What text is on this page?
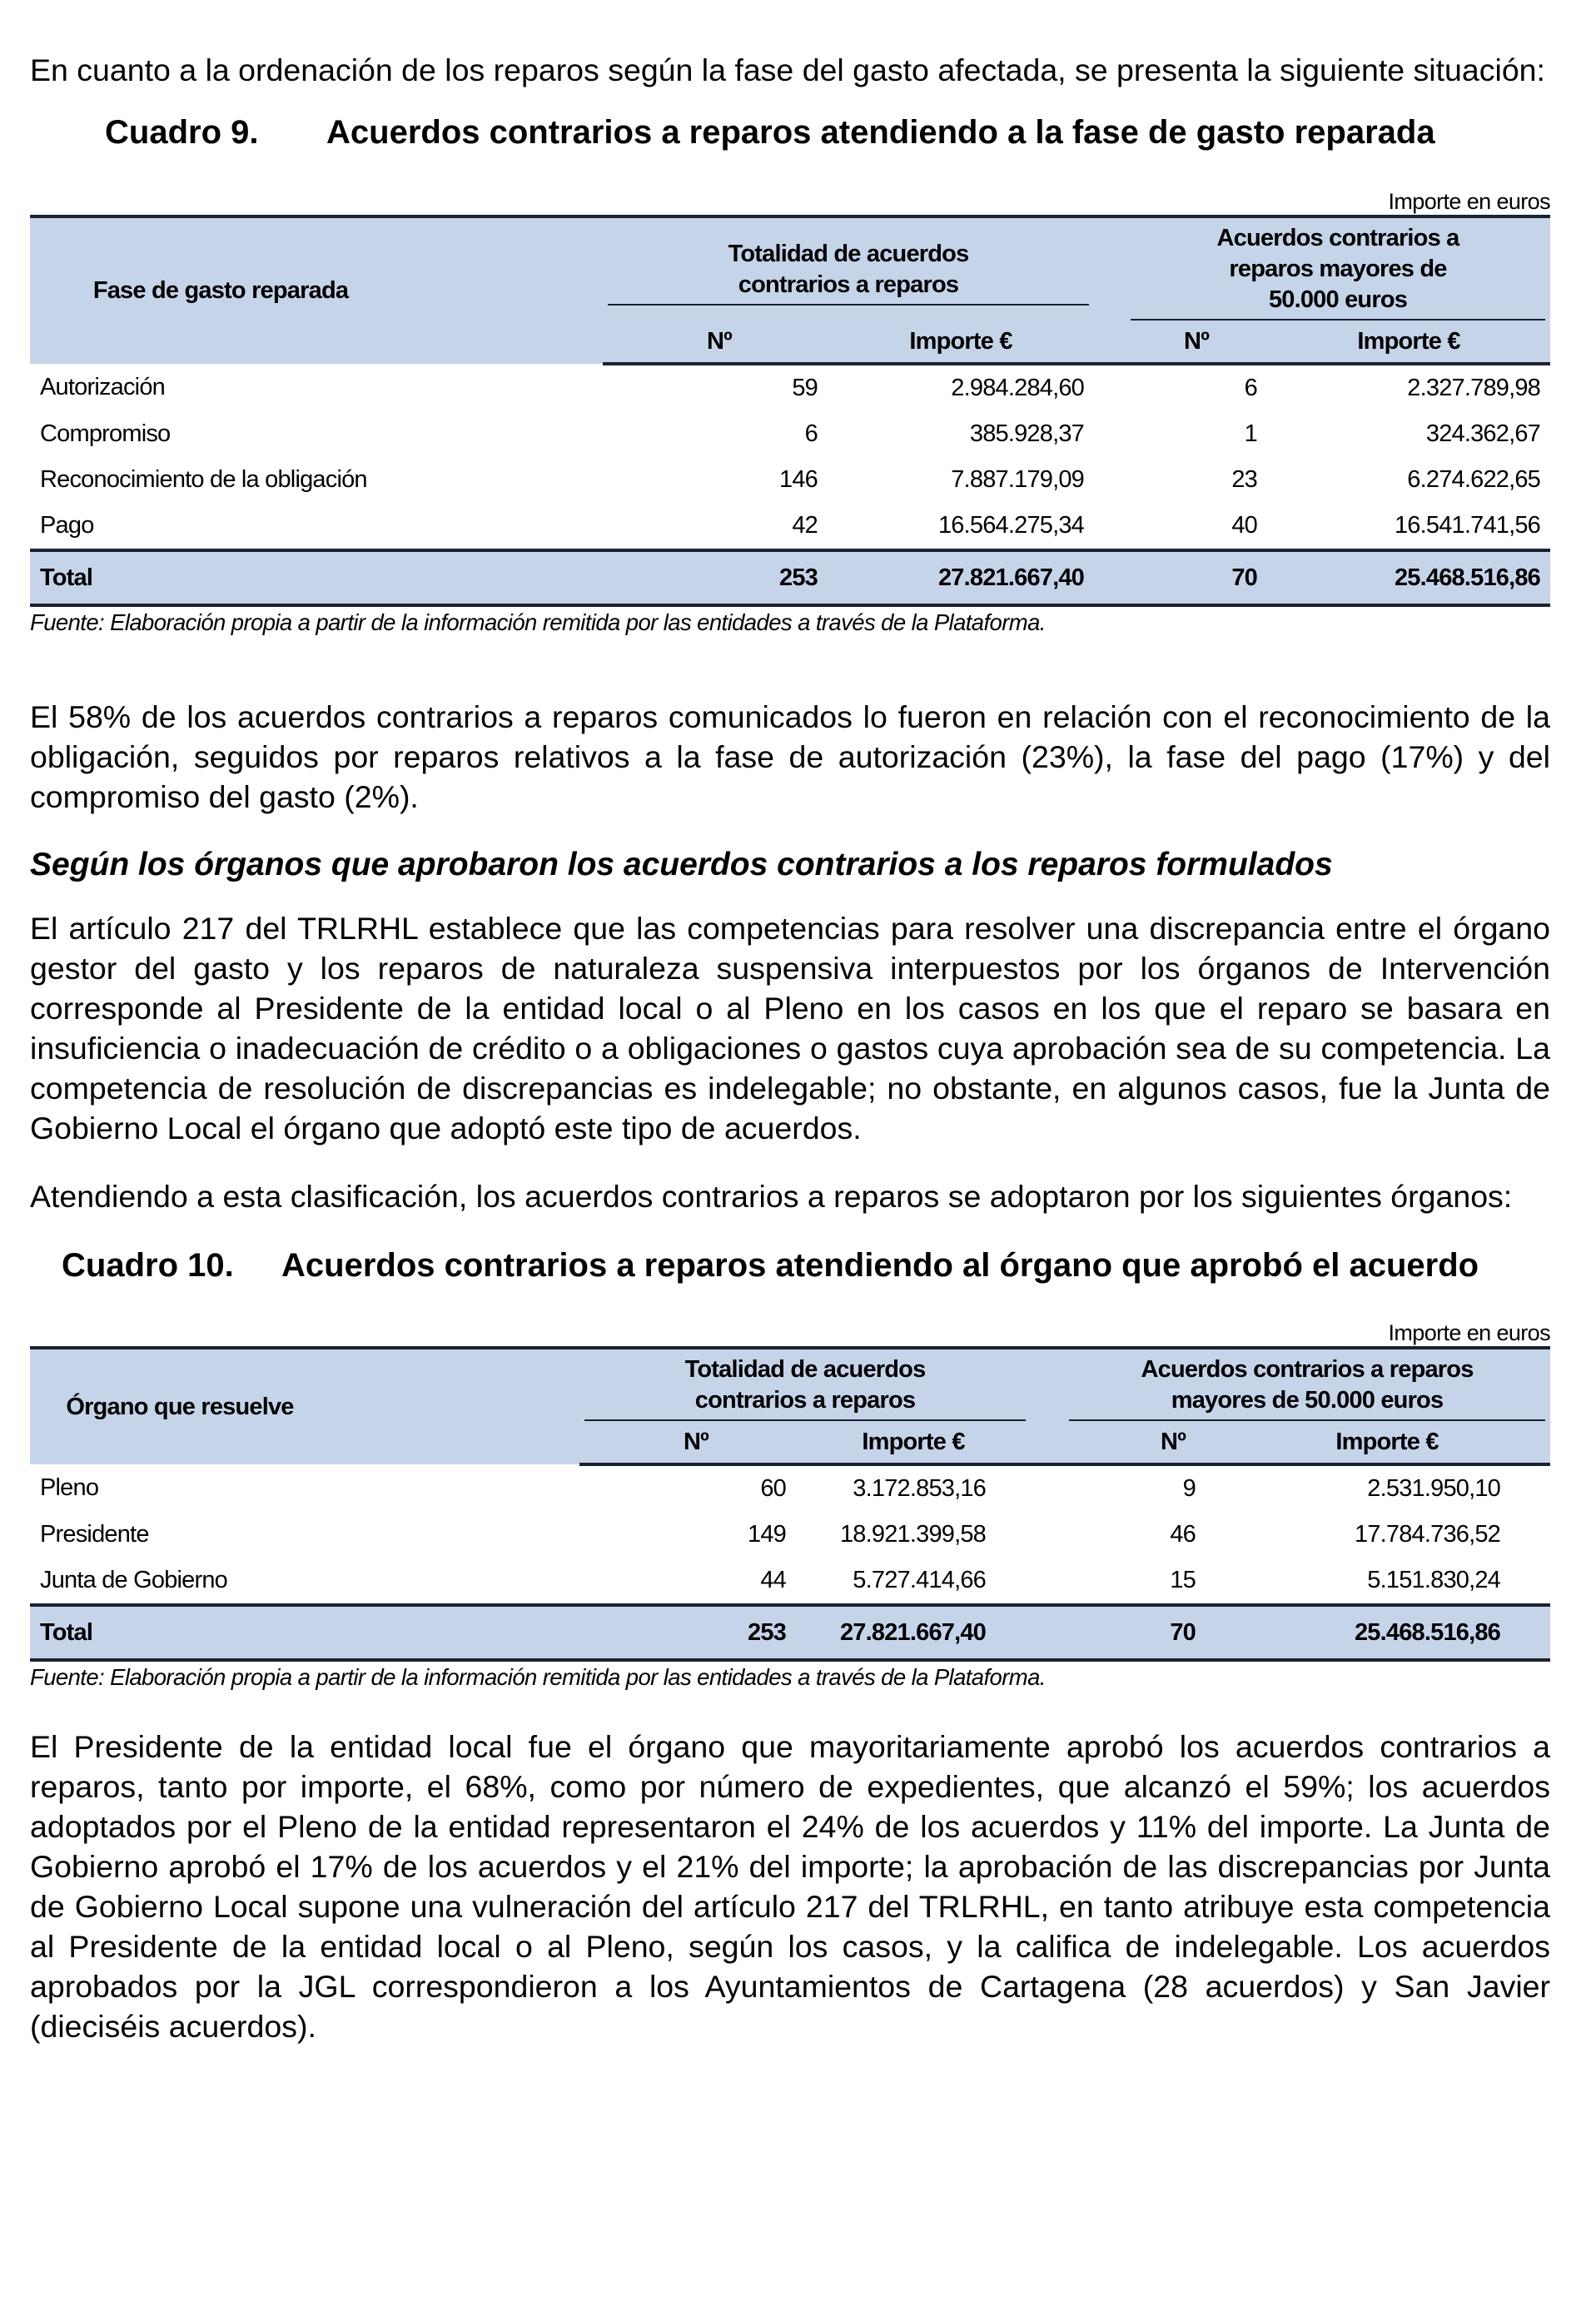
En cuanto a la ordenación de los reparos según la fase del gasto afectada, se presenta la siguiente situación:

Cuadro 9. Acuerdos contrarios a reparos atendiendo a la fase de gasto reparada
Importe en euros
Fase de gasto reparada	Totalidad de acuerdos contrarios a reparos			Acuerdos contrarios a reparos mayores de 50.000 euros	

	Nº	Importe €		Nº	Importe €
Autorización	59	2.984.284,60		6	2.327.789,98
Compromiso	6	385.928,37		1	324.362,67
Reconocimiento de la obligación	146	7.887.179,09		23	6.274.622,65
Pago	42	16.564.275,34		40	16.541.741,56
Total	253	27.821.667,40		70	25.468.516,86
Fuente: Elaboración propia a partir de la información remitida por las entidades a través de la Plataforma.

El 58% de los acuerdos contrarios a reparos comunicados lo fueron en relación con el reconocimiento de la obligación, seguidos por reparos relativos a la fase de autorización (23%), la fase del pago (17%) y del compromiso del gasto (2%).

Según los órganos que aprobaron los acuerdos contrarios a los reparos formulados

El artículo 217 del TRLRHL establece que las competencias para resolver una discrepancia entre el órgano gestor del gasto y los reparos de naturaleza suspensiva interpuestos por los órganos de Intervención corresponde al Presidente de la entidad local o al Pleno en los casos en los que el reparo se basara en insuficiencia o inadecuación de crédito o a obligaciones o gastos cuya aprobación sea de su competencia. La competencia de resolución de discrepancias es indelegable; no obstante, en algunos casos, fue la Junta de Gobierno Local el órgano que adoptó este tipo de acuerdos.

Atendiendo a esta clasificación, los acuerdos contrarios a reparos se adoptaron por los siguientes órganos:

Cuadro 10. Acuerdos contrarios a reparos atendiendo al órgano que aprobó el acuerdo
Importe en euros
Órgano que resuelve	Totalidad de acuerdos contrarios a reparos			Acuerdos contrarios a reparos mayores de 50.000 euros	

	Nº	Importe €		Nº	Importe €
Pleno	60	3.172.853,16		9	2.531.950,10
Presidente	149	18.921.399,58		46	17.784.736,52
Junta de Gobierno	44	5.727.414,66		15	5.151.830,24
Total	253	27.821.667,40		70	25.468.516,86
Fuente: Elaboración propia a partir de la información remitida por las entidades a través de la Plataforma.

El Presidente de la entidad local fue el órgano que mayoritariamente aprobó los acuerdos contrarios a reparos, tanto por importe, el 68%, como por número de expedientes, que alcanzó el 59%; los acuerdos adoptados por el Pleno de la entidad representaron el 24% de los acuerdos y 11% del importe. La Junta de Gobierno aprobó el 17% de los acuerdos y el 21% del importe; la aprobación de las discrepancias por Junta de Gobierno Local supone una vulneración del artículo 217 del TRLRHL, en tanto atribuye esta competencia al Presidente de la entidad local o al Pleno, según los casos, y la califica de indelegable. Los acuerdos aprobados por la JGL correspondieron a los Ayuntamientos de Cartagena (28 acuerdos) y San Javier (dieciséis acuerdos).
